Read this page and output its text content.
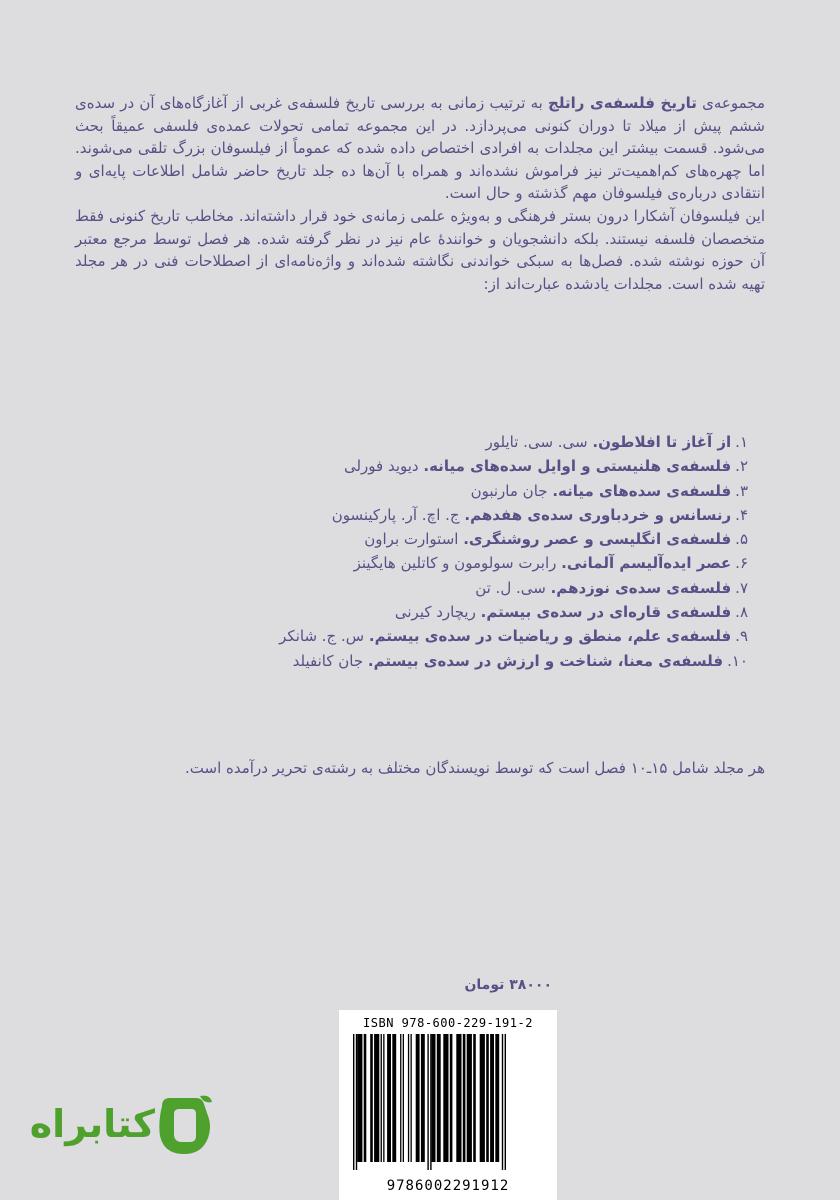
مجموعه‌ی تاریخ فلسفه‌ی راتلج به ترتیب زمانی به بررسی تاریخ فلسفه‌ی غربی از آغازگاه‌های آن در سده‌ی ششم پیش از میلاد تا دوران کنونی می‌پردازد. در این مجموعه تمامی تحولات عمده‌ی فلسفی عمیقاً بحث می‌شود. قسمت بیشتر این مجلدات به افرادی اختصاص داده شده که عموماً از فیلسوفان بزرگ تلقی می‌شوند. اما چهره‌های کم‌اهمیت‌تر نیز فراموش نشده‌اند و همراه با آن‌ها ده جلد تاریخ حاضر شامل اطلاعات پایه‌ای و انتقادی درباره‌ی فیلسوفان مهم گذشته و حال است.

این فیلسوفان آشکارا درون بستر فرهنگی و به‌ویژه علمی زمانه‌ی خود قرار داشته‌اند. مخاطب تاریخ کنونی فقط متخصصان فلسفه نیستند. بلکه دانشجویان و خوانندهٔ عام نیز در نظر گرفته شده. هر فصل توسط مرجع معتبر آن حوزه نوشته شده. فصل‌ها به سبکی خواندنی نگاشته شده‌اند و واژه‌نامه‌ای از اصطلاحات فنی در هر مجلد تهیه شده است. مجلدات یادشده عبارت‌اند از:

۱.از آغاز تا افلاطون. سی. سی. تایلور
۲.فلسفه‌ی هلنیستی و اوایل سده‌های میانه. دیوید فورلی
۳.فلسفه‌ی سده‌های میانه. جان مارنبون
۴.رنسانس و خردباوری سده‌ی هفدهم. ج. اچ. آر. پارکینسون
۵.فلسفه‌ی انگلیسی و عصر روشنگری. استوارت براون
۶.عصر ایده‌آلیسم آلمانی. رابرت سولومون و کاتلین هایگینز
۷.فلسفه‌ی سده‌ی نوزدهم. سی. ل. تن
۸.فلسفه‌ی قاره‌ای در سده‌ی بیستم. ریچارد کیرنی
۹.فلسفه‌ی علم، منطق و ریاضیات در سده‌ی بیستم. س. ج. شانکر
۱۰.فلسفه‌ی معنا، شناخت و ارزش در سده‌ی بیستم. جان کانفیلد

هر مجلد شامل ۱۵ـ۱۰ فصل است که توسط نویسندگان مختلف به رشته‌ی تحریر درآمده است.

۳۸۰۰۰ تومان
ISBN 978-600-229-191-2
9786002291912
کتابراه
